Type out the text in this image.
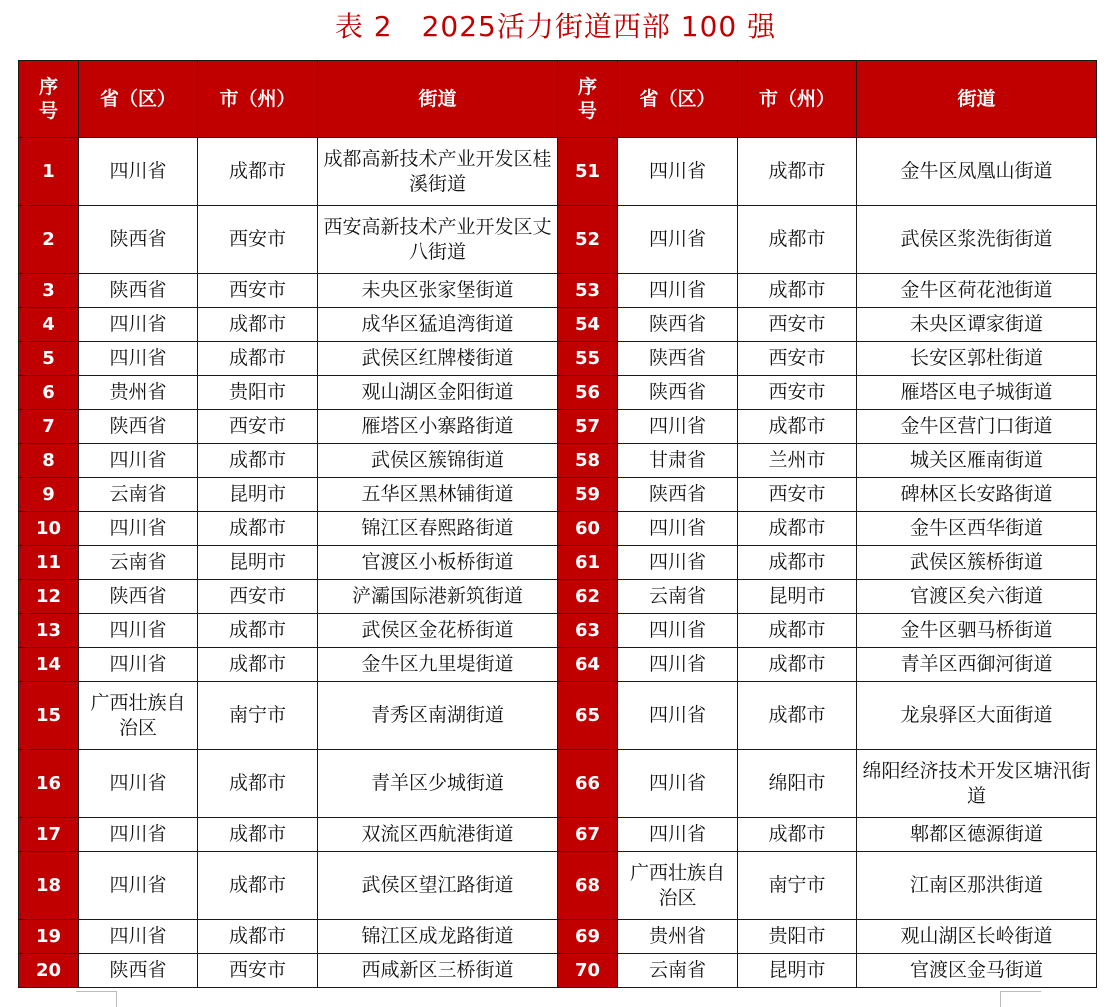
表 2　2025活力街道西部 100 强
序号	省（区）	市（州）	街道	序号	省（区）	市（州）	街道
1	四川省	成都市	成都高新技术产业开发区桂溪街道	51	四川省	成都市	金牛区凤凰山街道
2	陕西省	西安市	西安高新技术产业开发区丈八街道	52	四川省	成都市	武侯区浆洗街街道
3	陕西省	西安市	未央区张家堡街道	53	四川省	成都市	金牛区荷花池街道
4	四川省	成都市	成华区猛追湾街道	54	陕西省	西安市	未央区谭家街道
5	四川省	成都市	武侯区红牌楼街道	55	陕西省	西安市	长安区郭杜街道
6	贵州省	贵阳市	观山湖区金阳街道	56	陕西省	西安市	雁塔区电子城街道
7	陕西省	西安市	雁塔区小寨路街道	57	四川省	成都市	金牛区营门口街道
8	四川省	成都市	武侯区簇锦街道	58	甘肃省	兰州市	城关区雁南街道
9	云南省	昆明市	五华区黑林铺街道	59	陕西省	西安市	碑林区长安路街道
10	四川省	成都市	锦江区春熙路街道	60	四川省	成都市	金牛区西华街道
11	云南省	昆明市	官渡区小板桥街道	61	四川省	成都市	武侯区簇桥街道
12	陕西省	西安市	浐灞国际港新筑街道	62	云南省	昆明市	官渡区矣六街道
13	四川省	成都市	武侯区金花桥街道	63	四川省	成都市	金牛区驷马桥街道
14	四川省	成都市	金牛区九里堤街道	64	四川省	成都市	青羊区西御河街道
15	广西壮族自治区	南宁市	青秀区南湖街道	65	四川省	成都市	龙泉驿区大面街道
16	四川省	成都市	青羊区少城街道	66	四川省	绵阳市	绵阳经济技术开发区塘汛街道
17	四川省	成都市	双流区西航港街道	67	四川省	成都市	郫都区德源街道
18	四川省	成都市	武侯区望江路街道	68	广西壮族自治区	南宁市	江南区那洪街道
19	四川省	成都市	锦江区成龙路街道	69	贵州省	贵阳市	观山湖区长岭街道
20	陕西省	西安市	西咸新区三桥街道	70	云南省	昆明市	官渡区金马街道
